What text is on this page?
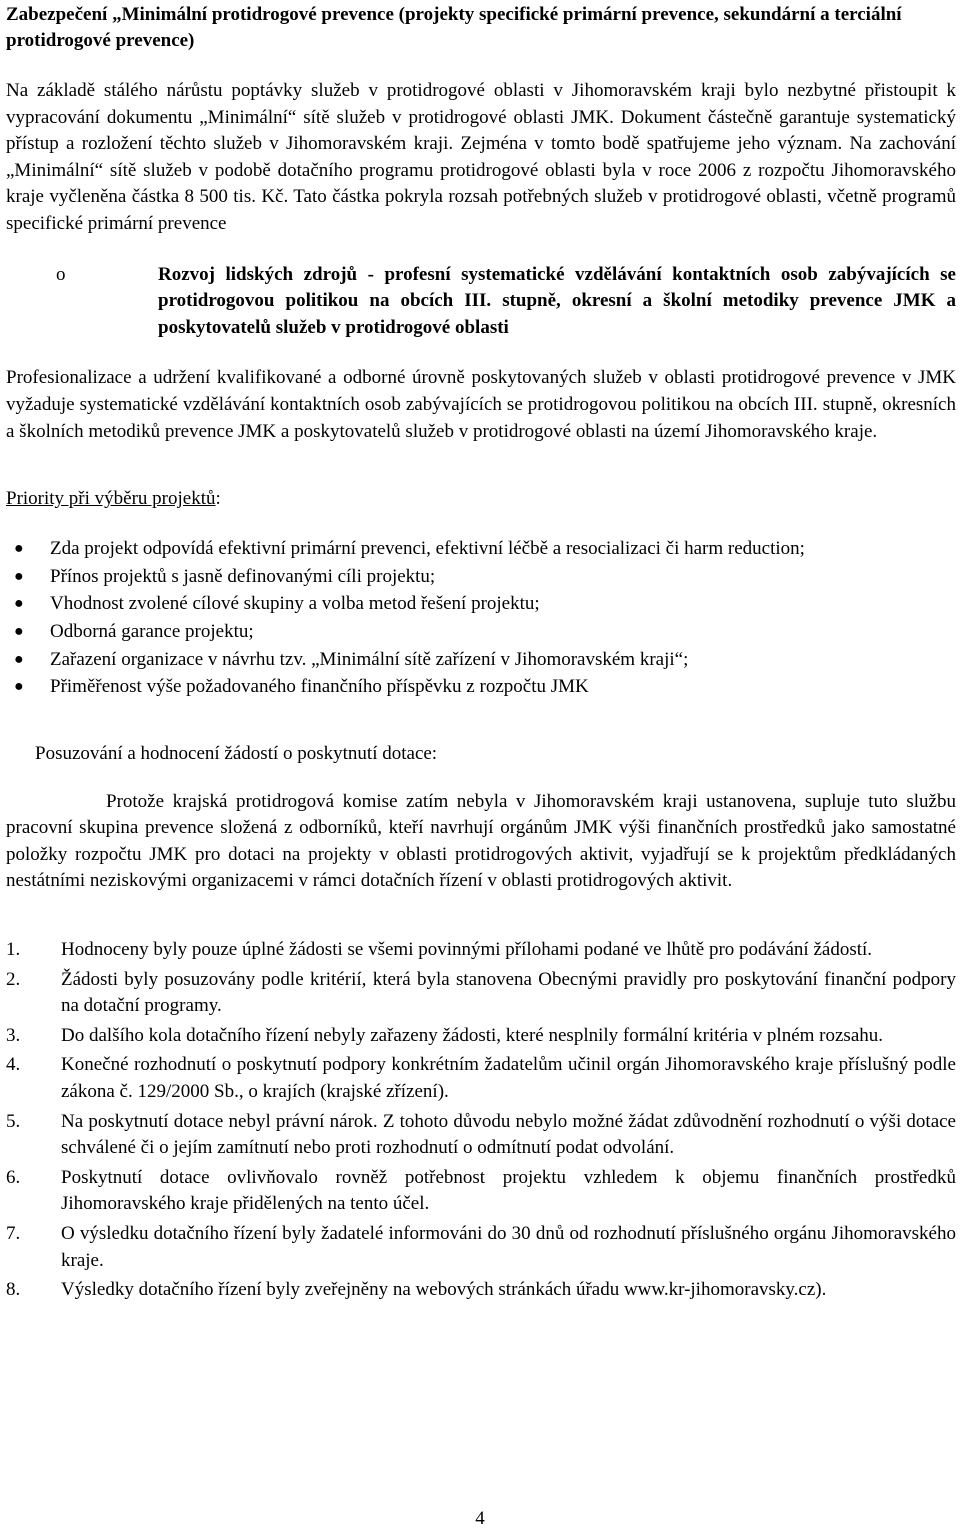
Zabezpečení „Minimální protidrogové prevence (projekty specifické primární prevence, sekundární a terciální protidrogové prevence)

Na základě stálého nárůstu poptávky služeb v protidrogové oblasti v Jihomoravském kraji bylo nezbytné přistoupit k vypracování dokumentu „Minimální“ sítě služeb v protidrogové oblasti JMK. Dokument částečně garantuje systematický přístup a rozložení těchto služeb v Jihomoravském kraji. Zejména v tomto bodě spatřujeme jeho význam. Na zachování „Minimální“ sítě služeb v podobě dotačního programu protidrogové oblasti byla v roce 2006 z rozpočtu Jihomoravského kraje vyčleněna částka 8 500 tis. Kč. Tato částka pokryla rozsah potřebných služeb v protidrogové oblasti, včetně programů specifické primární prevence

o	Rozvoj lidských zdrojů - profesní systematické vzdělávání kontaktních osob zabývajících se protidrogovou politikou na obcích III. stupně, okresní a školní metodiky prevence JMK a poskytovatelů služeb v protidrogové oblasti

Profesionalizace a udržení kvalifikované a odborné úrovně poskytovaných služeb v oblasti protidrogové prevence v JMK vyžaduje systematické vzdělávání kontaktních osob zabývajících se protidrogovou politikou na obcích III. stupně, okresních a školních metodiků prevence JMK a poskytovatelů služeb v protidrogové oblasti na území Jihomoravského kraje.

Priority při výběru projektů:

●	Zda projekt odpovídá efektivní primární prevenci, efektivní léčbě a resocializaci či harm reduction;
●	Přínos projektů s jasně definovanými cíli projektu;
●	Vhodnost zvolené cílové skupiny a volba metod řešení projektu;
●	Odborná garance projektu;
●	Zařazení organizace v návrhu tzv. „Minimální sítě zařízení v Jihomoravském kraji“;
●	Přiměřenost výše požadovaného finančního příspěvku z rozpočtu JMK

Posuzování a hodnocení žádostí o poskytnutí dotace:

Protože krajská protidrogová komise zatím nebyla v Jihomoravském kraji ustanovena, supluje tuto službu pracovní skupina prevence složená z odborníků, kteří navrhují orgánům JMK výši finančních prostředků jako samostatné položky rozpočtu JMK pro dotaci na projekty v oblasti protidrogových aktivit, vyjadřují se k projektům předkládaných nestátními neziskovými organizacemi v rámci dotačních řízení v oblasti protidrogových aktivit.

1.	Hodnoceny byly pouze úplné žádosti se všemi povinnými přílohami podané ve lhůtě pro podávání žádostí.
2.	Žádosti byly posuzovány podle kritérií, která byla stanovena Obecnými pravidly pro poskytování finanční podpory na dotační programy.
3.	Do dalšího kola dotačního řízení nebyly zařazeny žádosti, které nesplnily formální kritéria v plném rozsahu.
4.	Konečné rozhodnutí o poskytnutí podpory konkrétním žadatelům učinil orgán Jihomoravského kraje příslušný podle zákona č. 129/2000 Sb., o krajích (krajské zřízení).
5.	Na poskytnutí dotace nebyl právní nárok. Z tohoto důvodu nebylo možné žádat zdůvodnění rozhodnutí o výši dotace schválené či o jejím zamítnutí nebo proti rozhodnutí o odmítnutí podat odvolání.
6.	Poskytnutí dotace ovlivňovalo rovněž potřebnost projektu vzhledem k objemu finančních prostředků Jihomoravského kraje přidělených na tento účel.
7.	O výsledku dotačního řízení byly žadatelé informováni do 30 dnů od rozhodnutí příslušného orgánu Jihomoravského kraje.
8.	Výsledky dotačního řízení byly zveřejněny na webových stránkách úřadu www.kr-jihomoravsky.cz).
4
